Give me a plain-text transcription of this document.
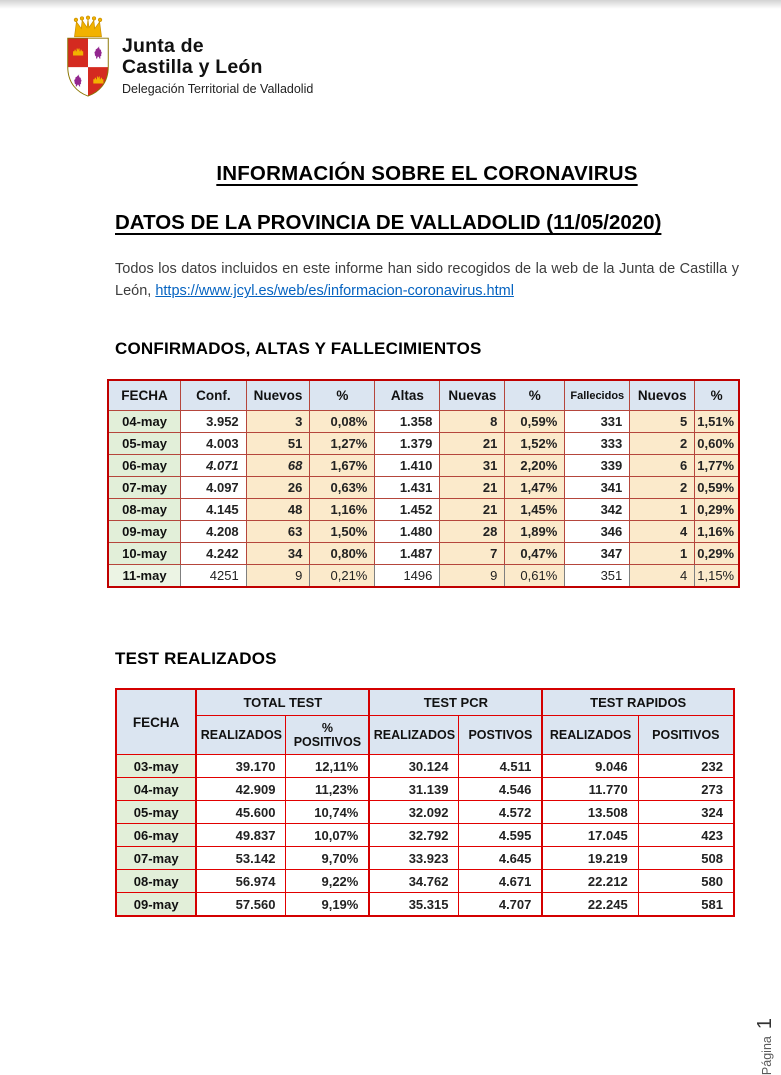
Junta de
Castilla y León
Delegación Territorial de Valladolid
INFORMACIÓN SOBRE EL CORONAVIRUS
DATOS DE LA PROVINCIA DE VALLADOLID (11/05/2020)

Todos los datos incluidos en este informe han sido recogidos de la web de la Junta de Castilla y León, https://www.jcyl.es/web/es/informacion-coronavirus.html

CONFIRMADOS, ALTAS Y FALLECIMIENTOS
FECHA	Conf.	Nuevos	%	Altas	Nuevas	%	Fallecidos	Nuevos	%
04-may	3.952	3	0,08%	1.358	8	0,59%	331	5	1,51%
05-may	4.003	51	1,27%	1.379	21	1,52%	333	2	0,60%
06-may	4.071	68	1,67%	1.410	31	2,20%	339	6	1,77%
07-may	4.097	26	0,63%	1.431	21	1,47%	341	2	0,59%
08-may	4.145	48	1,16%	1.452	21	1,45%	342	1	0,29%
09-may	4.208	63	1,50%	1.480	28	1,89%	346	4	1,16%
10-may	4.242	34	0,80%	1.487	7	0,47%	347	1	0,29%
11-may	4251	9	0,21%	1496	9	0,61%	351	4	1,15%
TEST REALIZADOS
FECHA	TOTAL TEST		TEST PCR		TEST RAPIDOS	
	REALIZADOS	% POSITIVOS	REALIZADOS	POSTIVOS	REALIZADOS	POSITIVOS
03-may	39.170	12,11%	30.124	4.511	9.046	232
04-may	42.909	11,23%	31.139	4.546	11.770	273
05-may	45.600	10,74%	32.092	4.572	13.508	324
06-may	49.837	10,07%	32.792	4.595	17.045	423
07-may	53.142	9,70%	33.923	4.645	19.219	508
08-may	56.974	9,22%	34.762	4.671	22.212	580
09-may	57.560	9,19%	35.315	4.707	22.245	581
Página
1
